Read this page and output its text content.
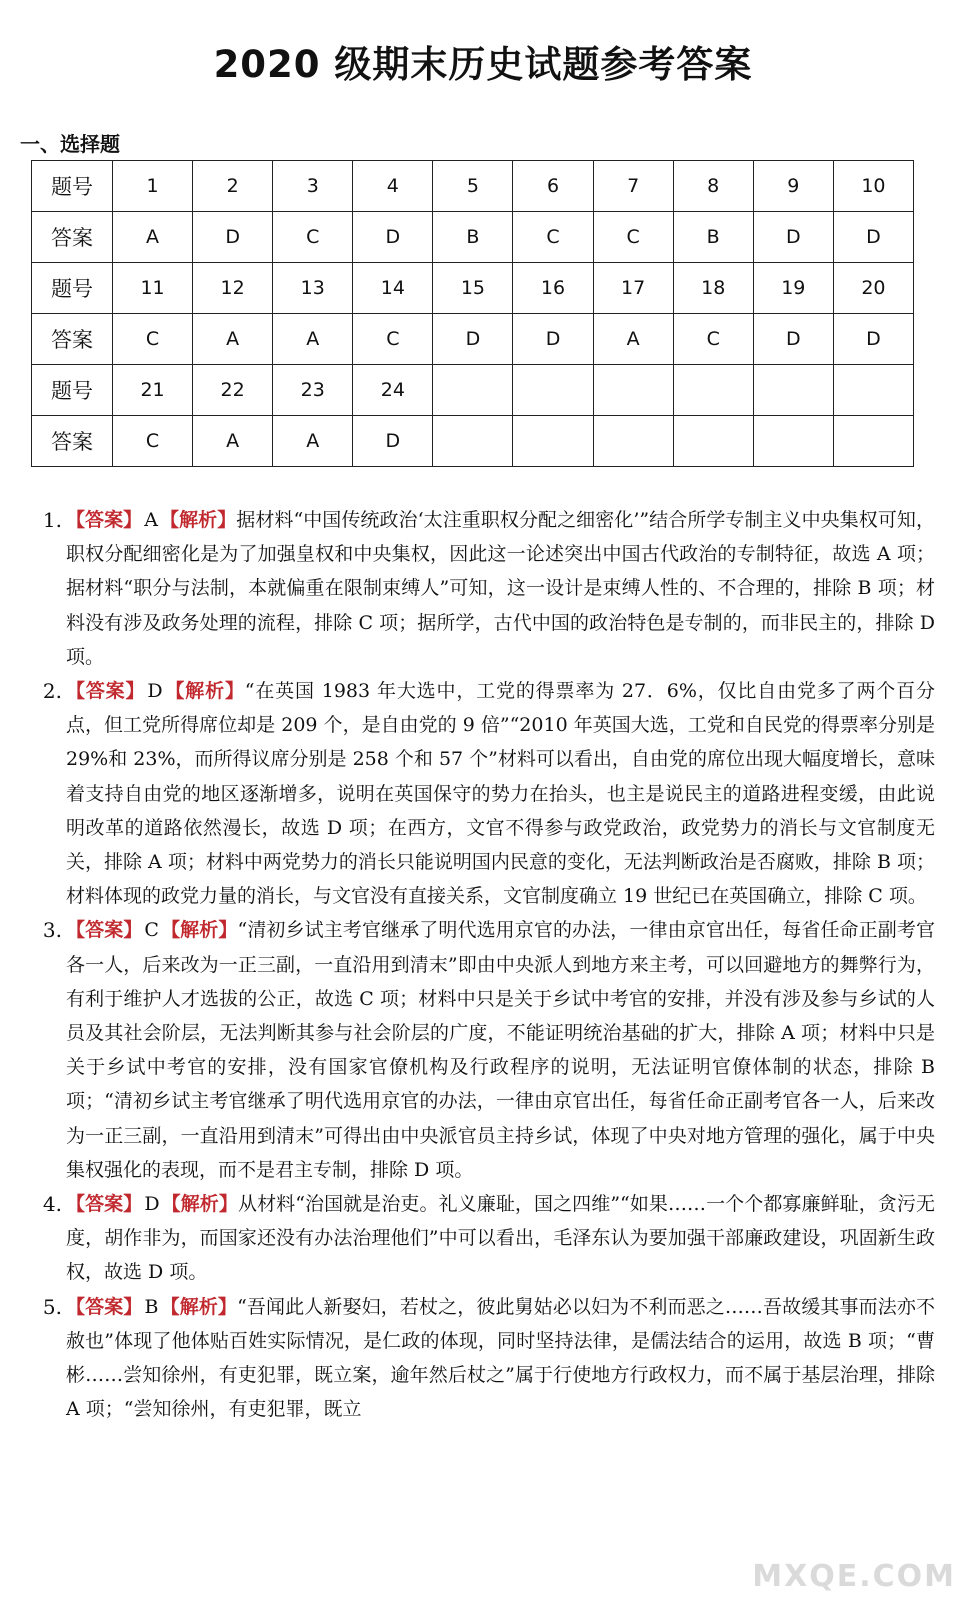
2020 级期末历史试题参考答案
一、选择题
题号	1	2	3	4	5	6	7	8	9	10
答案	A	D	C	D	B	C	C	B	D	D
题号	11	12	13	14	15	16	17	18	19	20
答案	C	A	A	C	D	D	A	C	D	D
题号	21	22	23	24						
答案	C	A	A	D						
1. 【答案】 A 【解析】据材料“中国传统政治‘太注重职权分配之细密化’”结合所学专制主义中央集权可知，职权分配细密化是为了加强皇权和中央集权，因此这一论述突出中国古代政治的专制特征，故选 A 项；据材料“职分与法制，本就偏重在限制束缚人”可知，这一设计是束缚人性的、不合理的，排除 B 项；材料没有涉及政务处理的流程，排除 C 项；据所学，古代中国的政治特色是专制的，而非民主的，排除 D 项。
2. 【答案】 D 【解析】“在英国 1983 年大选中，工党的得票率为 27．6%，仅比自由党多了两个百分点，但工党所得席位却是 209 个，是自由党的 9 倍”“2010 年英国大选，工党和自民党的得票率分别是 29%和 23%，而所得议席分别是 258 个和 57 个”材料可以看出，自由党的席位出现大幅度增长，意味着支持自由党的地区逐渐增多，说明在英国保守的势力在抬头，也主是说民主的道路进程变缓，由此说明改革的道路依然漫长，故选 D 项；在西方，文官不得参与政党政治，政党势力的消长与文官制度无关，排除 A 项；材料中两党势力的消长只能说明国内民意的变化，无法判断政治是否腐败，排除 B 项；材料体现的政党力量的消长，与文官没有直接关系，文官制度确立 19 世纪已在英国确立，排除 C 项。
3. 【答案】 C 【解析】“清初乡试主考官继承了明代选用京官的办法，一律由京官出任，每省任命正副考官各一人，后来改为一正三副，一直沿用到清末”即由中央派人到地方来主考，可以回避地方的舞弊行为，有利于维护人才选拔的公正，故选 C 项；材料中只是关于乡试中考官的安排，并没有涉及参与乡试的人员及其社会阶层，无法判断其参与社会阶层的广度，不能证明统治基础的扩大，排除 A 项；材料中只是关于乡试中考官的安排，没有国家官僚机构及行政程序的说明，无法证明官僚体制的状态，排除 B 项；“清初乡试主考官继承了明代选用京官的办法，一律由京官出任，每省任命正副考官各一人，后来改为一正三副，一直沿用到清末”可得出由中央派官员主持乡试，体现了中央对地方管理的强化，属于中央集权强化的表现，而不是君主专制，排除 D 项。
4. 【答案】 D 【解析】从材料“治国就是治吏。礼义廉耻，国之四维”“如果……一个个都寡廉鲜耻，贪污无度，胡作非为，而国家还没有办法治理他们”中可以看出，毛泽东认为要加强干部廉政建设，巩固新生政权，故选 D 项。
5. 【答案】 B 【解析】“吾闻此人新娶妇，若杖之，彼此舅姑必以妇为不利而恶之……吾故缓其事而法亦不赦也”体现了他体贴百姓实际情况，是仁政的体现，同时坚持法律，是儒法结合的运用，故选 B 项；“曹彬……尝知徐州，有吏犯罪，既立案，逾年然后杖之”属于行使地方行政权力，而不属于基层治理，排除 A 项；“尝知徐州，有吏犯罪，既立
MXQE.COM
